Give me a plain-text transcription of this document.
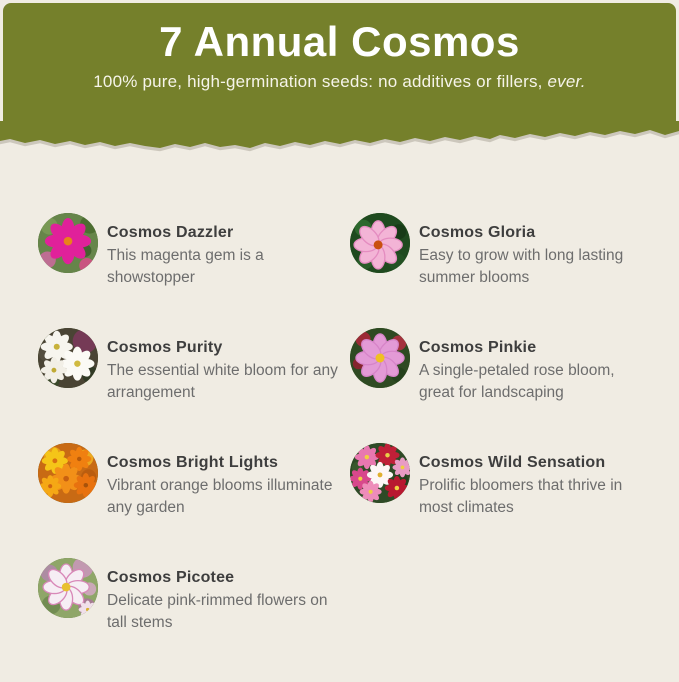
7 Annual Cosmos
100% pure, high-germination seeds: no additives or fillers, ever.
Cosmos Dazzler
This magenta gem is a showstopper
Cosmos Gloria
Easy to grow with long lasting summer blooms
Cosmos Purity
The essential white bloom for any arrangement
Cosmos Pinkie
A single-petaled rose bloom, great for landscaping
Cosmos Bright Lights
Vibrant orange blooms illuminate any garden
Cosmos Wild Sensation
Prolific bloomers that thrive in most climates
Cosmos Picotee
Delicate pink-rimmed flowers on tall stems
